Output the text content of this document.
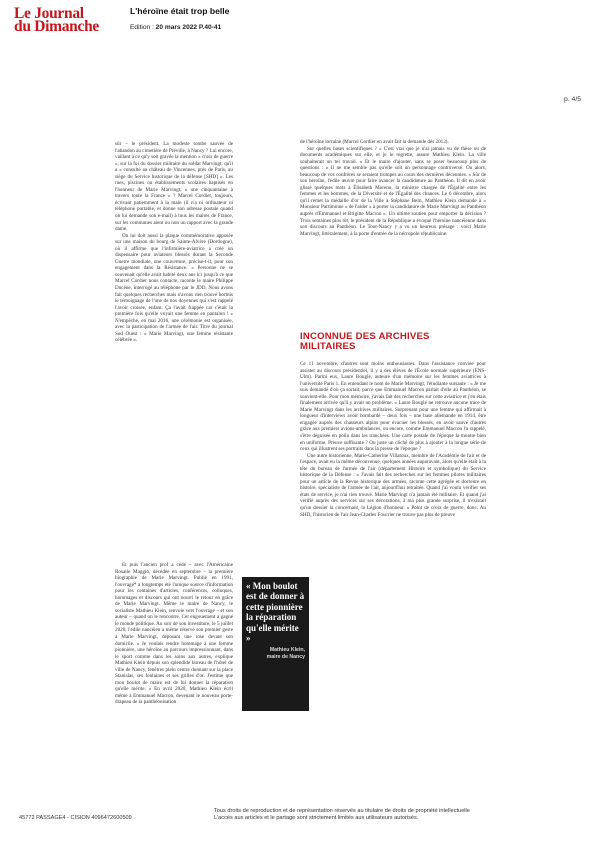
Le Journal
du Dimanche
L'héroïne était trop belle
Edition : 20 mars 2022 P.40-41
p. 4/5

sûr – le président. La modeste tombe sauvée de l'abandon au cimetière de Préville, à Nancy ? Lui encore, vaillant à ce qu'y soit gravée la mention « croix de guerre », sur la foi du dossier militaire du soldat Marvingt, qu'il a « consulté au château de Vincennes, près de Paris, au siège du Service historique de la défense [SHD] ». Les rues, piscines ou établissements scolaires baptisés en l'honneur de Marie Marvingt, « une cinquantaine à travers toute la France » ? Marcel Cordier, toujours, écrivant patiemment à la main (il n'a ni ordinateur ni téléphone portable, et donne son adresse postale quand on lui demande son e-mail) à tous les maires de France, sur les communes aient ou non un rapport avec la grande dame.

On lui doit aussi la plaque commémorative apposée sur une maison du bourg de Sainte-Alvère (Dordogne), où il affirme que l'infirmière-aviatrice a créé un dispensaire pour aviateurs blessés durant la Seconde Guerre mondiale, une couverture, précise-t-il, pour son engagement dans la Résistance. « Personne ne se souvenait qu'elle avait habité deux ans ici jusqu'à ce que Marcel Cordier nous contacte, raconte le maire Philippe Ducène, interrogé au téléphone par le JDD. Nous avons fait quelques recherches mais n'avons rien trouvé hormis le témoignage de l'une de nos doyennes qui s'est rappelé l'avoir croisée, enfant. Ça l'avait frappée car c'était la première fois qu'elle voyait une femme en pantalon ! » N'empêche, en mai 2016, une cérémonie est organisée, avec la participation de l'armée de l'air. Titre du journal Sud Ouest : « Marie Marvingt, une femme résistante célébrée ».

Et puis l'ancien prof a cédé – avec l'Américaine Rosalie Maggio, décédée en septembre – la première biographie de Marie Marvingt. Publié en 1991, l'ouvrage* a longtemps été l'unique source d'information pour les centaines d'articles, conférences, colloques, hommages et discours qui ont nourri le retour en grâce de Marie Marvingt. Même le maire de Nancy, le socialiste Mathieu Klein, renvoie vers l'ouvrage – et son auteur – quand on le rencontre. Cet engouement a gagné le monde politique. Au soir de son investiture, le 5 juillet 2020, l'édile nancéien a même réservé son premier geste à Marie Marvingt, déposant une rose devant son domicile. « Je voulais rendre hommage à une femme pionnière, une héroïne au parcours impressionnant, dans le sport comme dans les soins aux autres, explique Mathieu Klein depuis son splendide bureau de l'hôtel de ville de Nancy, fenêtres plein centre donnant sur la place Stanislas, ses fontaines et ses grilles d'or. J'estime que mon boulot de maire est de lui donner la réparation qu'elle mérite. » En avril 2020, Mathieu Klein écrit même à Emmanuel Macron, devenant le nouveau porte-drapeau de la panthéonisation

de l'héroïne lorraine (Marcel Cordier en avait fait la demande dès 2013).

Sur quelles bases scientifiques ? « C'est vrai que je n'ai jamais vu de thèse ou de documents académiques sur elle, et je le regrette, assure Mathieu Klein. La ville souhaiterait un tel travail. » Et le maire d'ajouter, sans se poser beaucoup plus de questions : « Il ne me semble pas qu'elle soit un personnage controversé. Ou alors, beaucoup de vos confrères se seraient trompés au cours des dernières décennies. » Sûr de son héroïne, l'édile œuvre pour faire avancer la candidature au Panthéon. Il dit en avoir glissé quelques mots à Élisabeth Moreno, la ministre chargée de l'Égalité entre les femmes et les hommes, de la Diversité et de l'Égalité des chances. Le 6 décembre, alors qu'il remet la médaille d'or de la Ville à Stéphane Bern, Mathieu Klein demande à « Monsieur Patrimoine » de l'aider « à porter la candidature de Marie Marvingt au Panthéon auprès d'Emmanuel et Brigitte Macron ». Un ultime soutien pour emporter la décision ? Trois semaines plus tôt, le président de la République a évoqué l'héroïne nancéienne dans son discours au Panthéon. Le Tout-Nancy y a vu un heureux présage : voici Marie Marvingt, littéralement, à la porte d'entrée de la nécropole républicaine.

INCONNUE DES ARCHIVES MILITAIRES

Ce 11 novembre, d'autres sont moins enthousiastes. Dans l'assistance conviée pour assister au discours présidentiel, il y a des élèves de l'École normale supérieure (ENS-Ulm). Parmi eux, Laure Bouglé, auteure d'un mémoire sur les femmes aviatrices à l'université Paris 1. En entendant le nom de Marie Marvingt, l'étudiante sursaute : « Je me suis demandé d'où ça sortait, parce que Emmanuel Macron parlait d'elle au Panthéon, se souvient-elle. Pour mon mémoire, j'avais fait des recherches sur cette aviatrice et j'en étais finalement arrivée qu'il y avait un problème. » Laure Bouglé ne retrouve aucune trace de Marie Marvingt dans les archives militaires. Surprenant pour une femme qui affirmait à longueur d'interviews avoir bombardé – deux fois – une base allemande en 1914, être engagée auprès des chasseurs alpins pour évacuer les blessés, en avoir sauvé d'autres grâce aux premiers avions-ambulances, ou encore, comme Emmanuel Macron l'a rappelé, s'être déguisée en poilu dans les tranchées. Une carte postale de l'époque la montre bien en uniforme. Preuve suffisante ? Ou juste un cliché de plus à ajouter à la longue série de ceux qui illustrent ses portraits dans la presse de l'époque ?

Une autre historienne, Marie-Catherine Villatoux, membre de l'Académie de l'air et de l'espace, avait eu la même déconvenue, quelques années auparavant, alors qu'elle était à la tête du bureau de l'armée de l'air (département Histoire et symbolique) du Service historique de la Défense : « J'avais fait des recherches sur les femmes pilotes militaires pour un article de la Revue historique des armées, raconte cette agrégée et docteure en histoire, spécialiste de l'armée de l'air, aujourd'hui retraitée. Quand j'ai voulu vérifier ses états de service, je n'ai rien trouvé. Marie Marvingt n'a jamais été militaire. Et quand j'ai vérifié auprès des services sur ses décorations, à ma plus grande surprise, il n'existait qu'un dossier la concernant, la Légion d'honneur. » Point de croix de guerre, donc. Au SHD, l'historien de l'air Jean-Charles Foucrier ne trouve pas plus de preuve

« Mon boulot est de donner à cette pionnière la réparation qu'elle mérite »
Mathieu Klein,
maire de Nancy
45772 PASSAGE4 - CISION 4096472600509
Tous droits de reproduction et de représentation réservés au titulaire de droits de propriété intellectuelle
L'accès aux articles et le partage sont strictement limités aux utilisateurs autorisés.
